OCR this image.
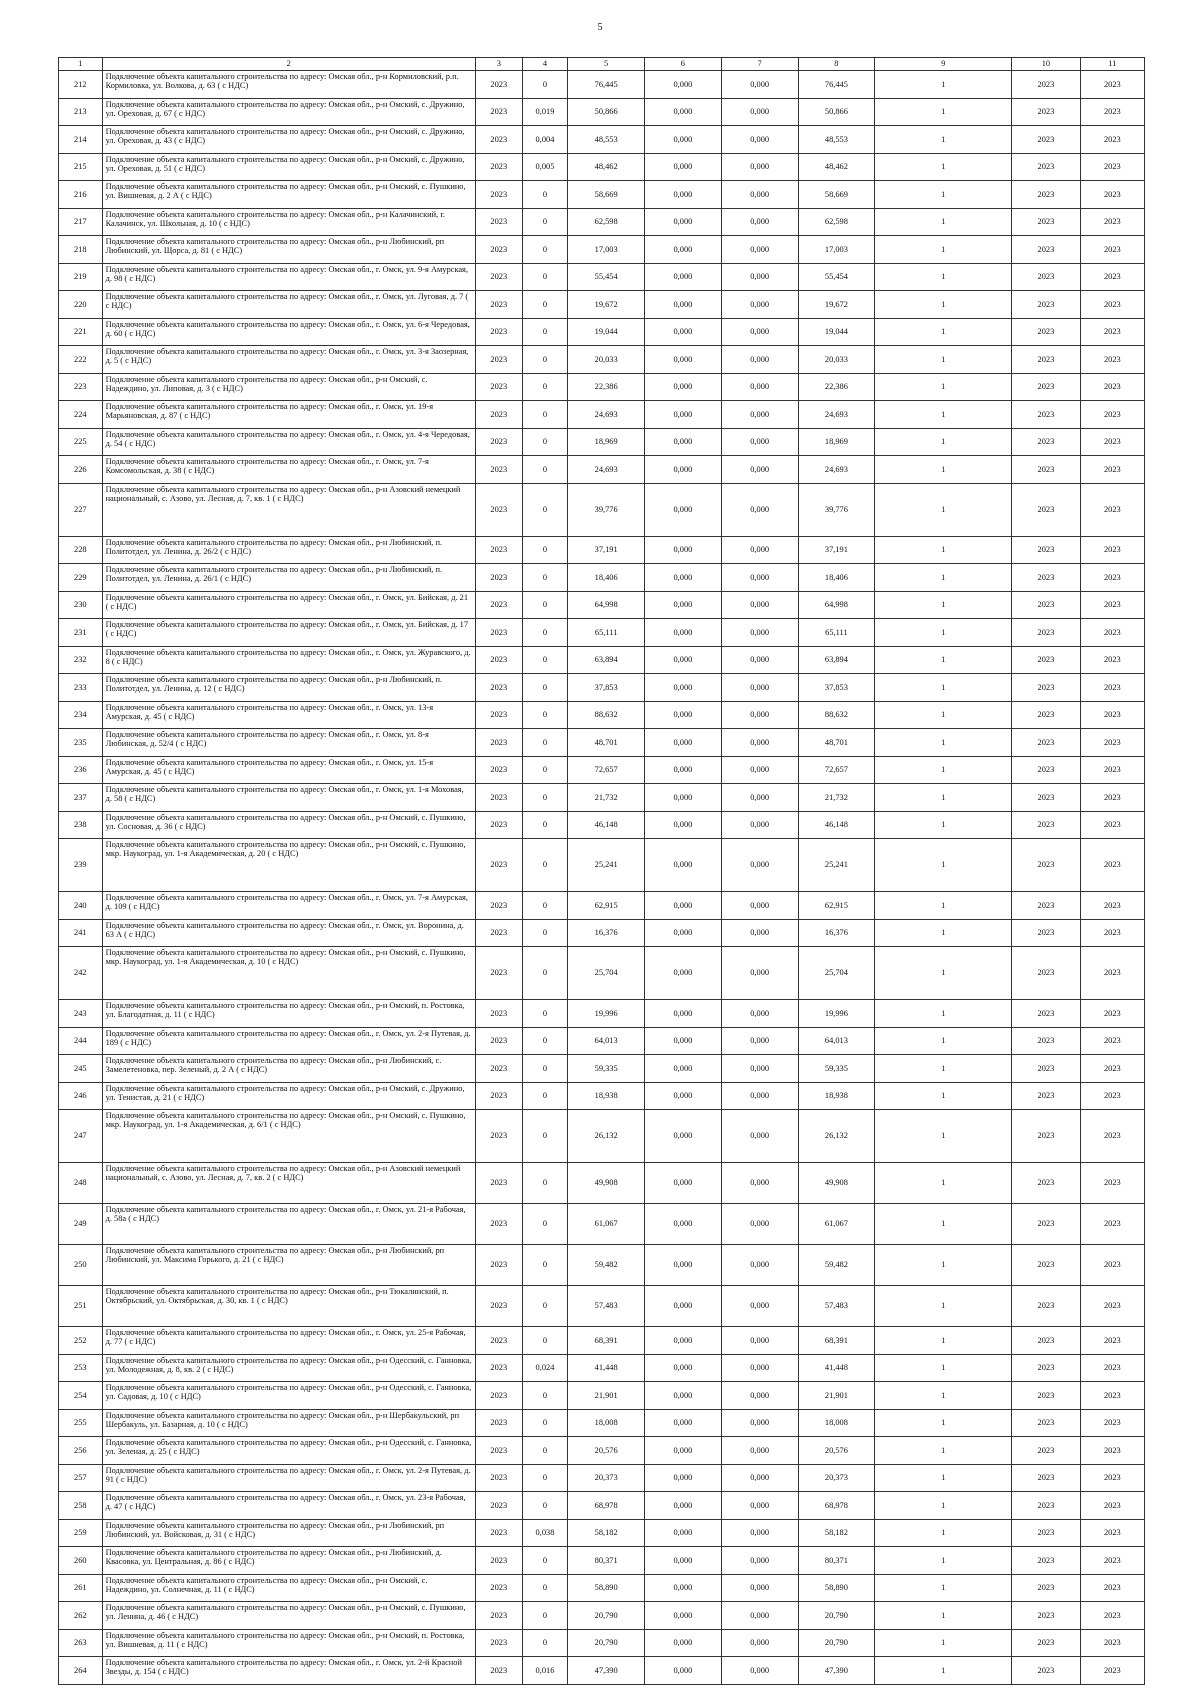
5
1	2	3	4	5	6	7	8	9	10	11
212	Подключение объекта капитального строительства по адресу: Омская обл., р-н Кормиловский, р.п. Кормиловка, ул. Волкова, д. 63 ( с НДС)	2023	0	76,445	0,000	0,000	76,445	1	2023	2023
213	Подключение объекта капитального строительства по адресу: Омская обл., р-н Омский, с. Дружино, ул. Ореховая, д. 67 ( с НДС)	2023	0,019	50,866	0,000	0,000	50,866	1	2023	2023
214	Подключение объекта капитального строительства по адресу: Омская обл., р-н Омский, с. Дружино, ул. Ореховая, д. 43 ( с НДС)	2023	0,004	48,553	0,000	0,000	48,553	1	2023	2023
215	Подключение объекта капитального строительства по адресу: Омская обл., р-н Омский, с. Дружино, ул. Ореховая, д. 51 ( с НДС)	2023	0,005	48,462	0,000	0,000	48,462	1	2023	2023
216	Подключение объекта капитального строительства по адресу: Омская обл., р-н Омский, с. Пушкино, ул. Вишневая, д. 2 А ( с НДС)	2023	0	58,669	0,000	0,000	58,669	1	2023	2023
217	Подключение объекта капитального строительства по адресу: Омская обл., р-н Калачинский, г. Калачинск, ул. Школьная, д. 10 ( с НДС)	2023	0	62,598	0,000	0,000	62,598	1	2023	2023
218	Подключение объекта капитального строительства по адресу: Омская обл., р-н Любинский, рп Любинский, ул. Щорса, д. 81 ( с НДС)	2023	0	17,003	0,000	0,000	17,003	1	2023	2023
219	Подключение объекта капитального строительства по адресу: Омская обл., г. Омск, ул. 9-я Амурская, д. 98 ( с НДС)	2023	0	55,454	0,000	0,000	55,454	1	2023	2023
220	Подключение объекта капитального строительства по адресу: Омская обл., г. Омск, ул. Луговая, д. 7 ( с НДС)	2023	0	19,672	0,000	0,000	19,672	1	2023	2023
221	Подключение объекта капитального строительства по адресу: Омская обл., г. Омск, ул. 6-я Чередовая, д. 60 ( с НДС)	2023	0	19,044	0,000	0,000	19,044	1	2023	2023
222	Подключение объекта капитального строительства по адресу: Омская обл., г. Омск, ул. 3-я Заозерная, д. 5 ( с НДС)	2023	0	20,033	0,000	0,000	20,033	1	2023	2023
223	Подключение объекта капитального строительства по адресу: Омская обл., р-н Омский, с. Надеждино, ул. Липовая, д. 3 ( с НДС)	2023	0	22,386	0,000	0,000	22,386	1	2023	2023
224	Подключение объекта капитального строительства по адресу: Омская обл., г. Омск, ул. 19-я Марьяновская, д. 87 ( с НДС)	2023	0	24,693	0,000	0,000	24,693	1	2023	2023
225	Подключение объекта капитального строительства по адресу: Омская обл., г. Омск, ул. 4-я Чередовая, д. 54 ( с НДС)	2023	0	18,969	0,000	0,000	18,969	1	2023	2023
226	Подключение объекта капитального строительства по адресу: Омская обл., г. Омск, ул. 7-я Комсомольская, д. 38 ( с НДС)	2023	0	24,693	0,000	0,000	24,693	1	2023	2023
227	Подключение объекта капитального строительства по адресу: Омская обл., р-н Азовский немецкий национальный, с. Азово, ул. Лесная, д. 7, кв. 1 ( с НДС)	2023	0	39,776	0,000	0,000	39,776	1	2023	2023
228	Подключение объекта капитального строительства по адресу: Омская обл., р-н Любинский, п. Политотдел, ул. Ленина, д. 26/2 ( с НДС)	2023	0	37,191	0,000	0,000	37,191	1	2023	2023
229	Подключение объекта капитального строительства по адресу: Омская обл., р-н Любинский, п. Политотдел, ул. Ленина, д. 26/1 ( с НДС)	2023	0	18,406	0,000	0,000	18,406	1	2023	2023
230	Подключение объекта капитального строительства по адресу: Омская обл., г. Омск, ул. Бийская, д. 21 ( с НДС)	2023	0	64,998	0,000	0,000	64,998	1	2023	2023
231	Подключение объекта капитального строительства по адресу: Омская обл., г. Омск, ул. Бийская, д. 17 ( с НДС)	2023	0	65,111	0,000	0,000	65,111	1	2023	2023
232	Подключение объекта капитального строительства по адресу: Омская обл., г. Омск, ул. Журавского, д. 8 ( с НДС)	2023	0	63,894	0,000	0,000	63,894	1	2023	2023
233	Подключение объекта капитального строительства по адресу: Омская обл., р-н Любинский, п. Политотдел, ул. Ленина, д. 12 ( с НДС)	2023	0	37,853	0,000	0,000	37,853	1	2023	2023
234	Подключение объекта капитального строительства по адресу: Омская обл., г. Омск, ул. 13-я Амурская, д. 45 ( с НДС)	2023	0	88,632	0,000	0,000	88,632	1	2023	2023
235	Подключение объекта капитального строительства по адресу: Омская обл., г. Омск, ул. 8-я Любинская, д. 52/4 ( с НДС)	2023	0	48,701	0,000	0,000	48,701	1	2023	2023
236	Подключение объекта капитального строительства по адресу: Омская обл., г. Омск, ул. 15-я Амурская, д. 45 ( с НДС)	2023	0	72,657	0,000	0,000	72,657	1	2023	2023
237	Подключение объекта капитального строительства по адресу: Омская обл., г. Омск, ул. 1-я Моховая, д. 58 ( с НДС)	2023	0	21,732	0,000	0,000	21,732	1	2023	2023
238	Подключение объекта капитального строительства по адресу: Омская обл., р-н Омский, с. Пушкино, ул. Сосновая, д. 36 ( с НДС)	2023	0	46,148	0,000	0,000	46,148	1	2023	2023
239	Подключение объекта капитального строительства по адресу: Омская обл., р-н Омский, с. Пушкино, мкр. Наукоград, ул. 1-я Академическая, д. 20 ( с НДС)	2023	0	25,241	0,000	0,000	25,241	1	2023	2023
240	Подключение объекта капитального строительства по адресу: Омская обл., г. Омск, ул. 7-я Амурская, д. 109 ( с НДС)	2023	0	62,915	0,000	0,000	62,915	1	2023	2023
241	Подключение объекта капитального строительства по адресу: Омская обл., г. Омск, ул. Воронина, д. 63 А ( с НДС)	2023	0	16,376	0,000	0,000	16,376	1	2023	2023
242	Подключение объекта капитального строительства по адресу: Омская обл., р-н Омский, с. Пушкино, мкр. Наукоград, ул. 1-я Академическая, д. 10 ( с НДС)	2023	0	25,704	0,000	0,000	25,704	1	2023	2023
243	Подключение объекта капитального строительства по адресу: Омская обл., р-н Омский, п. Ростовка, ул. Благодатная, д. 11 ( с НДС)	2023	0	19,996	0,000	0,000	19,996	1	2023	2023
244	Подключение объекта капитального строительства по адресу: Омская обл., г. Омск, ул. 2-я Путевая, д. 189 ( с НДС)	2023	0	64,013	0,000	0,000	64,013	1	2023	2023
245	Подключение объекта капитального строительства по адресу: Омская обл., р-н Любинский, с. Замелетеновка, пер. Зеленый, д. 2 А ( с НДС)	2023	0	59,335	0,000	0,000	59,335	1	2023	2023
246	Подключение объекта капитального строительства по адресу: Омская обл., р-н Омский, с. Дружино, ул. Тенистая, д. 21 ( с НДС)	2023	0	18,938	0,000	0,000	18,938	1	2023	2023
247	Подключение объекта капитального строительства по адресу: Омская обл., р-н Омский, с. Пушкино, мкр. Наукоград, ул. 1-я Академическая, д. 6/1 ( с НДС)	2023	0	26,132	0,000	0,000	26,132	1	2023	2023
248	Подключение объекта капитального строительства по адресу: Омская обл., р-н Азовский немецкий национальный, с. Азово, ул. Лесная, д. 7, кв. 2 ( с НДС)	2023	0	49,908	0,000	0,000	49,908	1	2023	2023
249	Подключение объекта капитального строительства по адресу: Омская обл., г. Омск, ул. 21-я Рабочая, д. 58а ( с НДС)	2023	0	61,067	0,000	0,000	61,067	1	2023	2023
250	Подключение объекта капитального строительства по адресу: Омская обл., р-н Любинский, рп Любинский, ул. Максима Горького, д. 21 ( с НДС)	2023	0	59,482	0,000	0,000	59,482	1	2023	2023
251	Подключение объекта капитального строительства по адресу: Омская обл., р-н Тюкалинский, п. Октябрьский, ул. Октябрьская, д. 30, кв. 1 ( с НДС)	2023	0	57,483	0,000	0,000	57,483	1	2023	2023
252	Подключение объекта капитального строительства по адресу: Омская обл., г. Омск, ул. 25-я Рабочая, д. 77 ( с НДС)	2023	0	68,391	0,000	0,000	68,391	1	2023	2023
253	Подключение объекта капитального строительства по адресу: Омская обл., р-н Одесский, с. Ганновка, ул. Молодежная, д. 8, кв. 2 ( с НДС)	2023	0,024	41,448	0,000	0,000	41,448	1	2023	2023
254	Подключение объекта капитального строительства по адресу: Омская обл., р-н Одесский, с. Ганновка, ул. Садовая, д. 10 ( с НДС)	2023	0	21,901	0,000	0,000	21,901	1	2023	2023
255	Подключение объекта капитального строительства по адресу: Омская обл., р-н Шербакульский, рп Шербакуль, ул. Базарная, д. 10 ( с НДС)	2023	0	18,008	0,000	0,000	18,008	1	2023	2023
256	Подключение объекта капитального строительства по адресу: Омская обл., р-н Одесский, с. Ганновка, ул. Зеленая, д. 25 ( с НДС)	2023	0	20,576	0,000	0,000	20,576	1	2023	2023
257	Подключение объекта капитального строительства по адресу: Омская обл., г. Омск, ул. 2-я Путевая, д. 91 ( с НДС)	2023	0	20,373	0,000	0,000	20,373	1	2023	2023
258	Подключение объекта капитального строительства по адресу: Омская обл., г. Омск, ул. 23-я Рабочая, д. 47 ( с НДС)	2023	0	68,978	0,000	0,000	68,978	1	2023	2023
259	Подключение объекта капитального строительства по адресу: Омская обл., р-н Любинский, рп Любинский, ул. Войсковая, д. 31 ( с НДС)	2023	0,038	58,182	0,000	0,000	58,182	1	2023	2023
260	Подключение объекта капитального строительства по адресу: Омская обл., р-н Любинский, д. Квасовка, ул. Центральная, д. 86 ( с НДС)	2023	0	80,371	0,000	0,000	80,371	1	2023	2023
261	Подключение объекта капитального строительства по адресу: Омская обл., р-н Омский, с. Надеждино, ул. Солнечная, д. 11 ( с НДС)	2023	0	58,890	0,000	0,000	58,890	1	2023	2023
262	Подключение объекта капитального строительства по адресу: Омская обл., р-н Омский, с. Пушкино, ул. Ленина, д. 46 ( с НДС)	2023	0	20,790	0,000	0,000	20,790	1	2023	2023
263	Подключение объекта капитального строительства по адресу: Омская обл., р-н Омский, п. Ростовка, ул. Вишневая, д. 11 ( с НДС)	2023	0	20,790	0,000	0,000	20,790	1	2023	2023
264	Подключение объекта капитального строительства по адресу: Омская обл., г. Омск, ул. 2-й Красной Звезды, д. 154 ( с НДС)	2023	0,016	47,390	0,000	0,000	47,390	1	2023	2023
